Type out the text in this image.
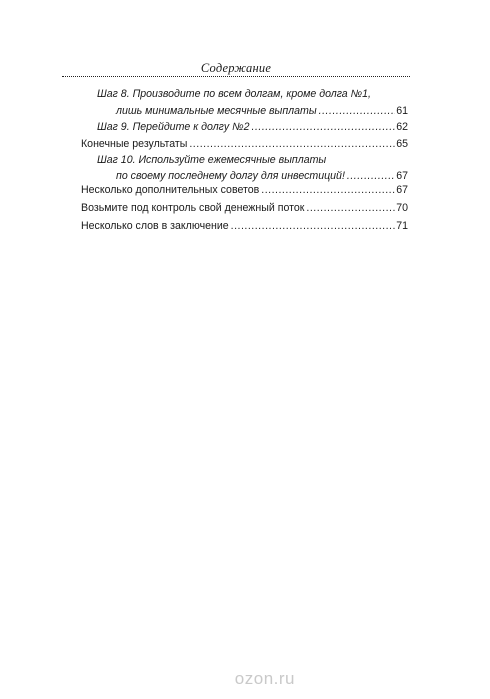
Содержание
Шаг 8. Производите по всем долгам, кроме долга №1,
лишь минимальные месячные выплаты .....	61
Шаг 9. Перейдите к долгу №2 .....	62
Конечные результаты .....	65
Шаг 10. Используйте ежемесячные выплаты
по своему последнему долгу для инвестиций! .....	67
Несколько дополнительных советов .....	67
Возьмите под контроль свой денежный поток .....	70
Несколько слов в заключение .....	71
ozon.ru
